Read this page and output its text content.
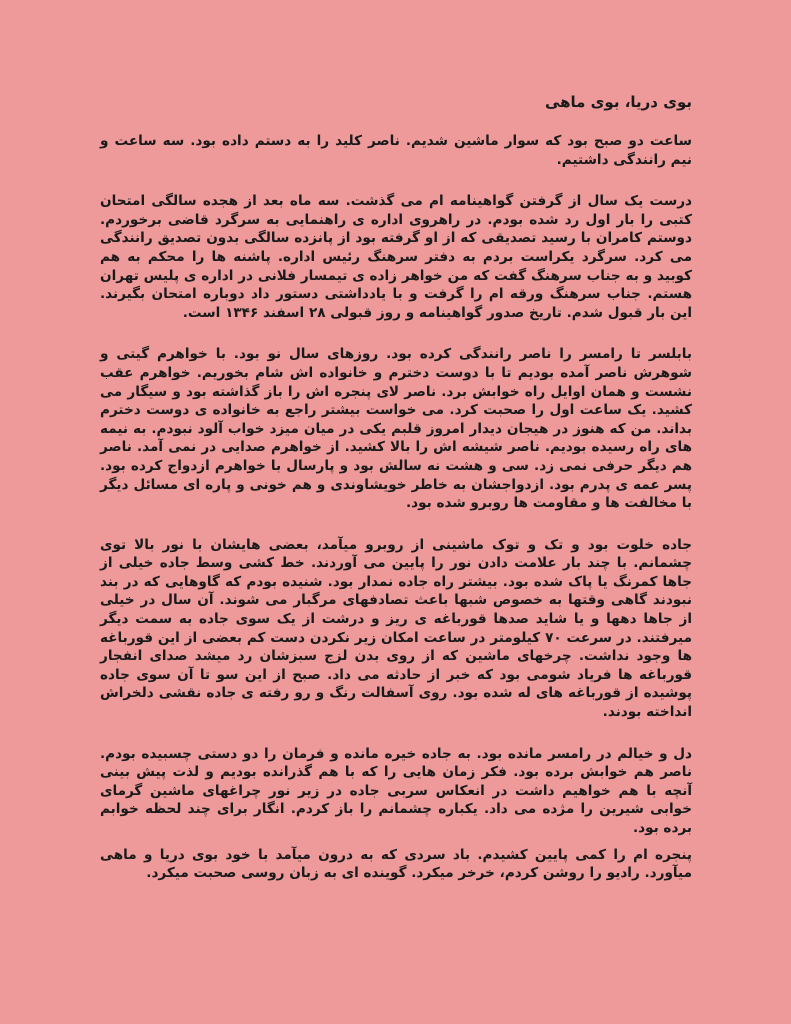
بوی دریا، بوی ماهی

ساعت دو صبح بود که سوار ماشین شدیم. ناصر کلید را به دستم داده بود. سه ساعت و نیم رانندگی داشتیم.

درست یک سال از گرفتن گواهینامه ام می گذشت. سه ماه بعد از هجده سالگی امتحان کتبی را بار اول رد شده بودم. در راهروی اداره ی راهنمایی به سرگرد قاضی برخوردم. دوستم کامران با رسید تصدیقی که از او گرفته بود از پانزده سالگی بدون تصدیق رانندگی می کرد. سرگرد یکراست بردم به دفتر سرهنگ رئیس اداره. پاشنه ها را محکم به هم کوبید و به جناب سرهنگ گفت که من خواهر زاده ی تیمسار فلانی در اداره ی پلیس تهران هستم. جناب سرهنگ ورقه ام را گرفت و با یادداشتی دستور داد دوباره امتحان بگیرند. این بار قبول شدم. تاریخ صدور گواهینامه و روز قبولی ۲۸ اسفند ۱۳۴۶ است.

بابلسر تا رامسر را ناصر رانندگی کرده بود. روزهای سال نو بود. با خواهرم گیتی و شوهرش ناصر آمده بودیم تا با دوست دخترم و خانواده اش شام بخوریم. خواهرم عقب نشست و همان اوایل راه خوابش برد. ناصر لای پنجره اش را باز گذاشته بود و سیگار می کشید. یک ساعت اول را صحبت کرد. می خواست بیشتر راجع به خانواده ی دوست دخترم بداند. من که هنوز در هیجان دیدار امروز قلبم یکی در میان میزد خواب آلود نبودم. به نیمه های راه رسیده بودیم. ناصر شیشه اش را بالا کشید. از خواهرم صدایی در نمی آمد. ناصر هم دیگر حرفی نمی زد. سی و هشت نه سالش بود و پارسال با خواهرم ازدواج کرده بود. پسر عمه ی پدرم بود. ازدواجشان به خاطر خویشاوندی و هم خونی و پاره ای مسائل دیگر با مخالفت ها و مقاومت ها روبرو شده بود.

جاده خلوت بود و تک و توک ماشینی از روبرو میآمد، بعضی هایشان با نور بالا توی چشمانم. با چند بار علامت دادن نور را پایین می آوردند. خط کشی وسط جاده خیلی از جاها کمرنگ یا پاک شده بود. بیشتر راه جاده نمدار بود. شنیده بودم که گاوهایی که در بند نبودند گاهی وقتها به خصوص شبها باعث تصادفهای مرگبار می شوند. آن سال در خیلی از جاها دهها و یا شاید صدها قورباغه ی ریز و درشت از یک سوی جاده به سمت دیگر میرفتند. در سرعت ۷۰ کیلومتر در ساعت امکان زیر نکردن دست کم بعضی از این قورباغه ها وجود نداشت. چرخهای ماشین که از روی بدن لزج سبزشان رد میشد صدای انفجار قورباغه ها فریاد شومی بود که خبر از حادثه می داد. صبح از این سو تا آن سوی جاده پوشیده از قورباغه های له شده بود. روی آسفالت رنگ و رو رفته ی جاده نقشی دلخراش انداخته بودند.

دل و خیالم در رامسر مانده بود. به جاده خیره مانده و فرمان را دو دستی چسبیده بودم. ناصر هم خوابش برده بود. فکر زمان هایی را که با هم گذرانده بودیم و لذت پیش بینی آنچه با هم خواهیم داشت در انعکاس سربی جاده در زیر نور چراغهای ماشین گرمای خوابی شیرین را مژده می داد. یکباره چشمانم را باز کردم. انگار برای چند لحظه خوابم برده بود.

پنجره ام را کمی پایین کشیدم. باد سردی که به درون میآمد با خود بوی دریا و ماهی میآورد. رادیو را روشن کردم، خرخر میکرد. گوینده ای به زبان روسی صحبت میکرد.
